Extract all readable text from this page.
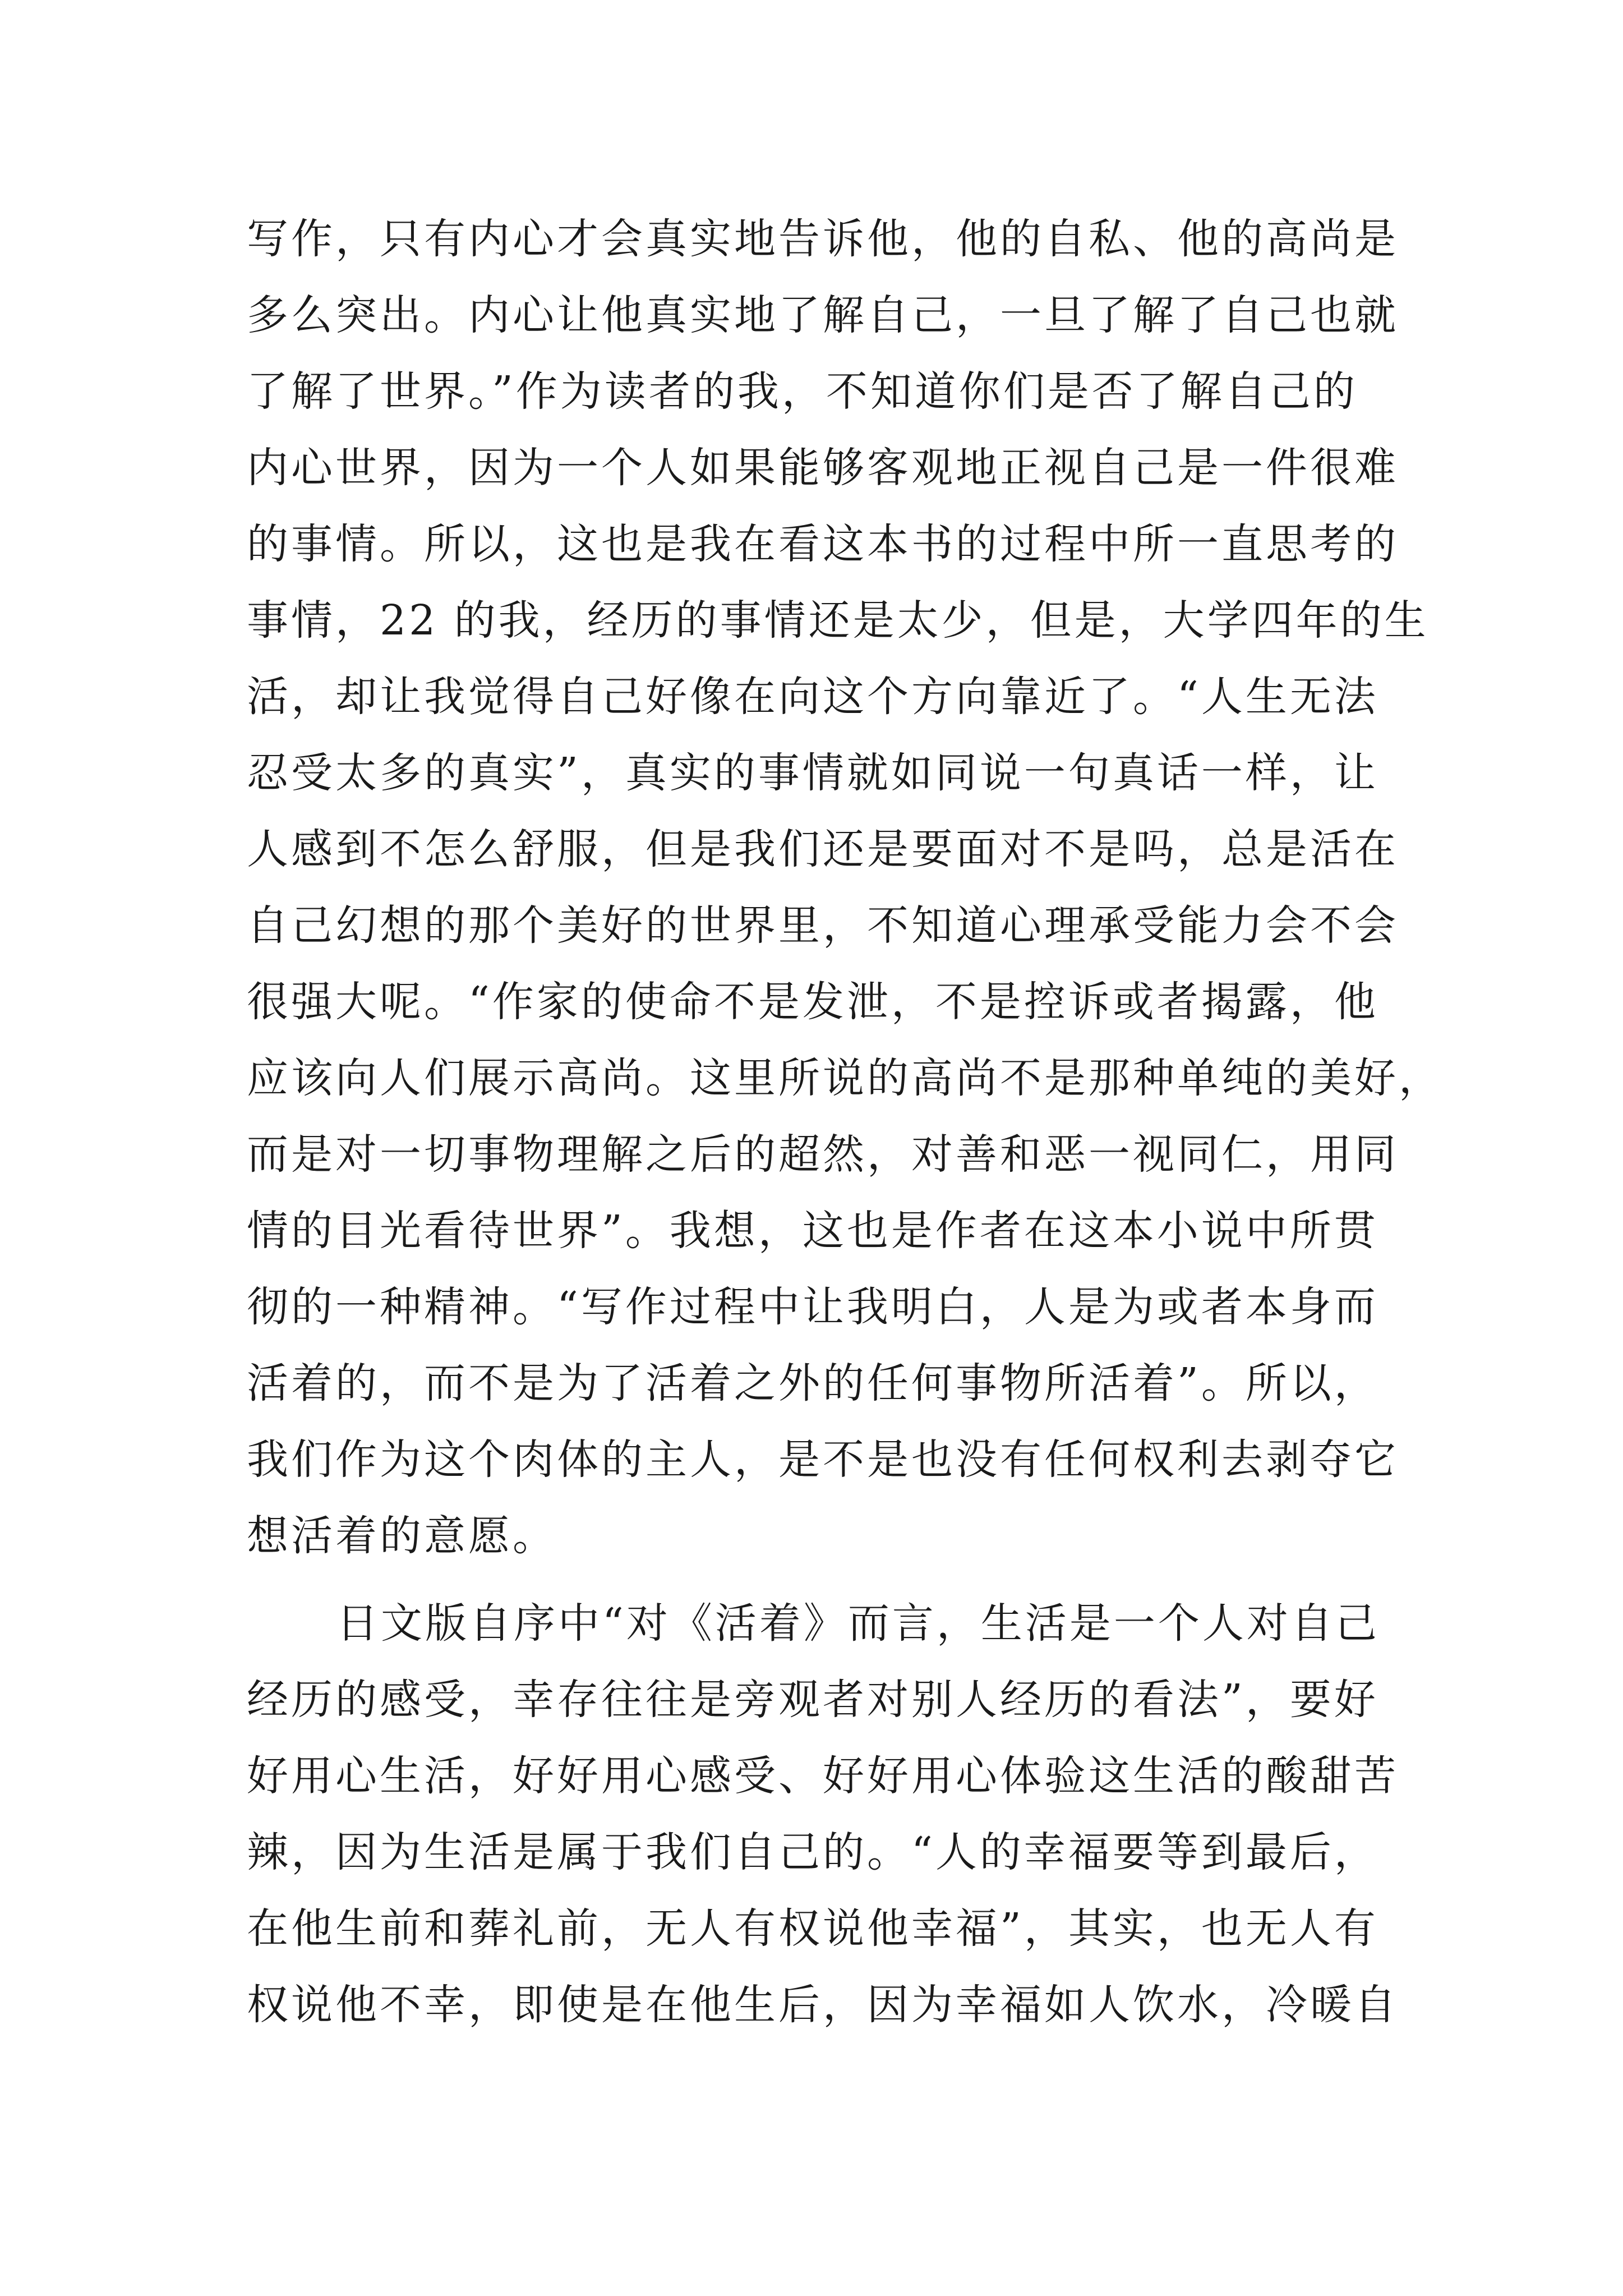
写作，只有内心才会真实地告诉他，他的自私、他的高尚是
多么突出。内心让他真实地了解自己，一旦了解了自己也就
了解了世界。”作为读者的我，不知道你们是否了解自己的
内心世界，因为一个人如果能够客观地正视自己是一件很难
的事情。所以，这也是我在看这本书的过程中所一直思考的
事情，22 的我，经历的事情还是太少，但是，大学四年的生
活，却让我觉得自己好像在向这个方向靠近了。“人生无法
忍受太多的真实”，真实的事情就如同说一句真话一样，让
人感到不怎么舒服，但是我们还是要面对不是吗，总是活在
自己幻想的那个美好的世界里，不知道心理承受能力会不会
很强大呢。“作家的使命不是发泄，不是控诉或者揭露，他
应该向人们展示高尚。这里所说的高尚不是那种单纯的美好，
而是对一切事物理解之后的超然，对善和恶一视同仁，用同
情的目光看待世界”。我想，这也是作者在这本小说中所贯
彻的一种精神。“写作过程中让我明白，人是为或者本身而
活着的，而不是为了活着之外的任何事物所活着”。所以，
我们作为这个肉体的主人，是不是也没有任何权利去剥夺它
想活着的意愿。
日文版自序中“对《活着》而言，生活是一个人对自己
经历的感受，幸存往往是旁观者对别人经历的看法”，要好
好用心生活，好好用心感受、好好用心体验这生活的酸甜苦
辣，因为生活是属于我们自己的。“人的幸福要等到最后，
在他生前和葬礼前，无人有权说他幸福”，其实，也无人有
权说他不幸，即使是在他生后，因为幸福如人饮水，冷暖自
